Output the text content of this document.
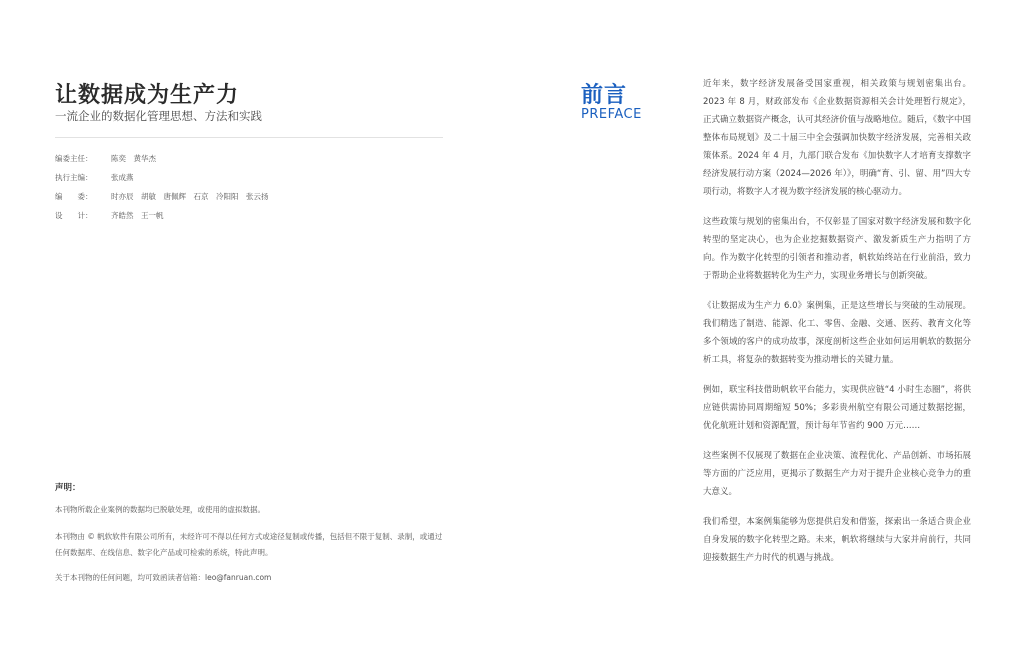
让数据成为生产力
一流企业的数据化管理思想、方法和实践
编委主任：	陈奕　黄华杰
执行主编：	张成燕
编　　委：	时亦辰　胡敏　唐佩辉　石京　冷阳阳　张云扬
设　　计：	齐皓然　王一帆
声明：
本刊物所载企业案例的数据均已脱敏处理，或使用的虚拟数据。
本刊物由 © 帆软软件有限公司所有，未经许可不得以任何方式或途径复制或传播，包括但不限于复制、录制，或通过任何数据库、在线信息、数字化产品或可检索的系统，特此声明。
关于本刊物的任何问题，均可致函读者信箱：leo@fanruan.com
前言
PREFACE

近年来，数字经济发展备受国家重视，相关政策与规划密集出台。2023 年 8 月，财政部发布《企业数据资源相关会计处理暂行规定》，正式确立数据资产概念，认可其经济价值与战略地位。随后，《数字中国整体布局规划》及二十届三中全会强调加快数字经济发展，完善相关政策体系。2024 年 4 月，九部门联合发布《加快数字人才培育支撑数字经济发展行动方案（2024—2026 年）》，明确“育、引、留、用”四大专项行动，将数字人才视为数字经济发展的核心驱动力。

这些政策与规划的密集出台，不仅彰显了国家对数字经济发展和数字化转型的坚定决心，也为企业挖掘数据资产、激发新质生产力指明了方向。作为数字化转型的引领者和推动者，帆软始终站在行业前沿，致力于帮助企业将数据转化为生产力，实现业务增长与创新突破。

《让数据成为生产力 6.0》案例集，正是这些增长与突破的生动展现。我们精选了制造、能源、化工、零售、金融、交通、医药、教育文化等多个领域的客户的成功故事，深度剖析这些企业如何运用帆软的数据分析工具，将复杂的数据转变为推动增长的关键力量。

例如，联宝科技借助帆软平台能力，实现供应链“4 小时生态圈”，将供应链供需协同周期缩短 50%；多彩贵州航空有限公司通过数据挖掘，优化航班计划和资源配置，预计每年节省约 900 万元……

这些案例不仅展现了数据在企业决策、流程优化、产品创新、市场拓展等方面的广泛应用，更揭示了数据生产力对于提升企业核心竞争力的重大意义。

我们希望，本案例集能够为您提供启发和借鉴，探索出一条适合贵企业自身发展的数字化转型之路。未来，帆软将继续与大家并肩前行，共同迎接数据生产力时代的机遇与挑战。
